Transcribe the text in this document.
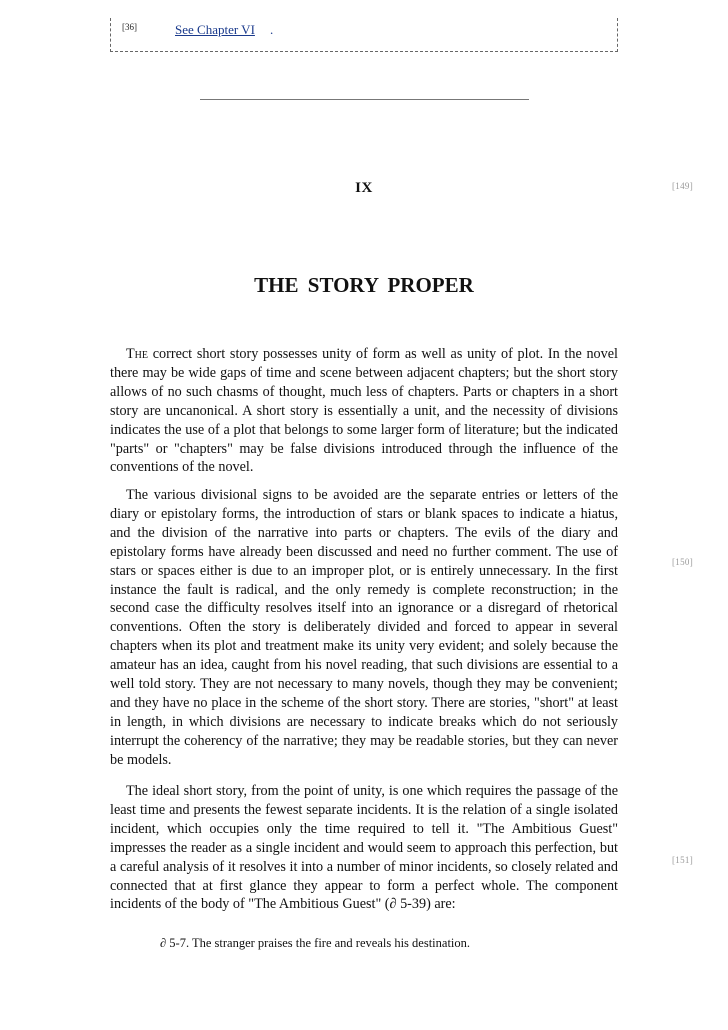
[36]	See Chapter VI .
IX	[149]
THE STORY PROPER

The correct short story possesses unity of form as well as unity of plot. In the novel there may be wide gaps of time and scene between adjacent chapters; but the short story allows of no such chasms of thought, much less of chapters. Parts or chapters in a short story are uncanonical. A short story is essentially a unit, and the necessity of divisions indicates the use of a plot that belongs to some larger form of literature; but the indicated "parts" or "chapters" may be false divisions introduced through the influence of the conventions of the novel.

The various divisional signs to be avoided are the separate entries or letters of the diary or epistolary forms, the introduction of stars or blank spaces to indicate a hiatus, and the division of the narrative into parts or chapters. The evils of the diary and epistolary forms have already been discussed and need no further comment. The use of stars or spaces either is due to an improper plot, or is entirely unnecessary. In the first instance the fault is radical, and the only remedy is complete reconstruction; in the second case the difficulty resolves itself into an ignorance or a disregard of rhetorical conventions. Often the story is deliberately divided and forced to appear in several chapters when its plot and treatment make its unity very evident; and solely because the amateur has an idea, caught from his novel reading, that such divisions are essential to a well told story. They are not necessary to many novels, though they may be convenient; and they have no place in the scheme of the short story. There are stories, "short" at least in length, in which divisions are necessary to indicate breaks which do not seriously interrupt the coherency of the narrative; they may be readable stories, but they can never be models.

[150]

The ideal short story, from the point of unity, is one which requires the passage of the least time and presents the fewest separate incidents. It is the relation of a single isolated incident, which occupies only the time required to tell it. "The Ambitious Guest" impresses the reader as a single incident and would seem to approach this perfection, but a careful analysis of it resolves it into a number of minor incidents, so closely related and connected that at first glance they appear to form a perfect whole. The component incidents of the body of "The Ambitious Guest" (∂ 5-39) are:

[151]
∂ 5-7. The stranger praises the fire and reveals his destination.
